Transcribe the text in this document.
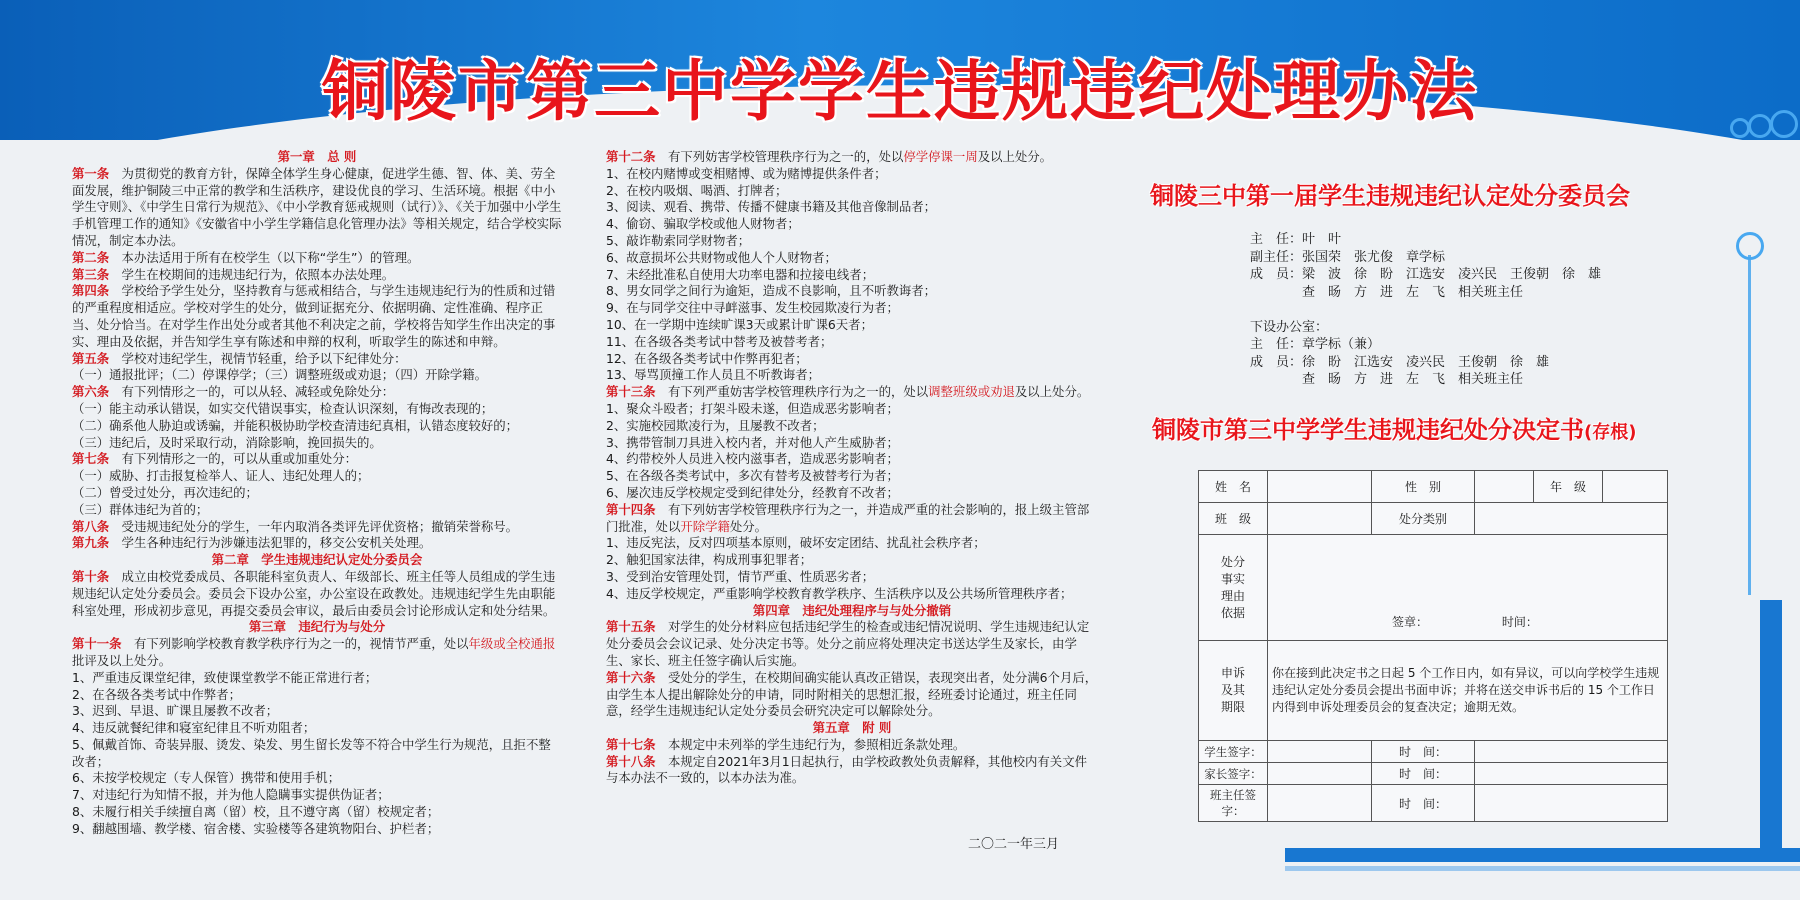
铜陵市第三中学学生违规违纪处理办法

第一章　总 则

第一条　为贯彻党的教育方针，保障全体学生身心健康，促进学生德、智、体、美、劳全面发展，维护铜陵三中正常的教学和生活秩序，建设优良的学习、生活环境。根据《中小学生守则》、《中学生日常行为规范》、《中小学教育惩戒规则（试行）》、《关于加强中小学生手机管理工作的通知》《安徽省中小学生学籍信息化管理办法》等相关规定，结合学校实际情况，制定本办法。

第二条　本办法适用于所有在校学生（以下称“学生”）的管理。

第三条　学生在校期间的违规违纪行为，依照本办法处理。

第四条　学校给予学生处分，坚持教育与惩戒相结合，与学生违规违纪行为的性质和过错的严重程度相适应。学校对学生的处分，做到证据充分、依据明确、定性准确、程序正当、处分恰当。在对学生作出处分或者其他不利决定之前，学校将告知学生作出决定的事实、理由及依据，并告知学生享有陈述和申辩的权利，听取学生的陈述和申辩。

第五条　学校对违纪学生，视情节轻重，给予以下纪律处分：

（一）通报批评；（二）停课停学；（三）调整班级或劝退；（四）开除学籍。

第六条　有下列情形之一的，可以从轻、减轻或免除处分：

（一）能主动承认错误，如实交代错误事实，检查认识深刻，有悔改表现的；

（二）确系他人胁迫或诱骗，并能积极协助学校查清违纪真相，认错态度较好的；

（三）违纪后，及时采取行动，消除影响，挽回损失的。

第七条　有下列情形之一的，可以从重或加重处分：

（一）威胁、打击报复检举人、证人、违纪处理人的；

（二）曾受过处分，再次违纪的；

（三）群体违纪为首的；

第八条　受违规违纪处分的学生，一年内取消各类评先评优资格；撤销荣誉称号。

第九条　学生各种违纪行为涉嫌违法犯罪的，移交公安机关处理。

第二章　学生违规违纪认定处分委员会

第十条　成立由校党委成员、各职能科室负责人、年级部长、班主任等人员组成的学生违规违纪认定处分委员会。委员会下设办公室，办公室设在政教处。违规违纪学生先由职能科室处理，形成初步意见，再提交委员会审议，最后由委员会讨论形成认定和处分结果。

第三章　违纪行为与处分

第十一条　有下列影响学校教育教学秩序行为之一的，视情节严重，处以年级或全校通报批评及以上处分。

1、严重违反课堂纪律，致使课堂教学不能正常进行者；

2、在各级各类考试中作弊者；

3、迟到、早退、旷课且屡教不改者；

4、违反就餐纪律和寝室纪律且不听劝阻者；

5、佩戴首饰、奇装异服、烫发、染发、男生留长发等不符合中学生行为规范，且拒不整改者；

6、未按学校规定（专人保管）携带和使用手机；

7、对违纪行为知情不报，并为他人隐瞒事实提供伪证者；

8、未履行相关手续擅自离（留）校，且不遵守离（留）校规定者；

9、翻越围墙、教学楼、宿舍楼、实验楼等各建筑物阳台、护栏者；

第十二条　有下列妨害学校管理秩序行为之一的，处以停学停课一周及以上处分。

1、在校内赌博或变相赌博、或为赌博提供条件者；

2、在校内吸烟、喝酒、打牌者；

3、阅读、观看、携带、传播不健康书籍及其他音像制品者；

4、偷窃、骗取学校或他人财物者；

5、敲诈勒索同学财物者；

6、故意损坏公共财物或他人个人财物者；

7、未经批准私自使用大功率电器和拉接电线者；

8、男女同学之间行为逾矩，造成不良影响，且不听教诲者；

9、在与同学交往中寻衅滋事、发生校园欺凌行为者；

10、在一学期中连续旷课3天或累计旷课6天者；

11、在各级各类考试中替考及被替考者；

12、在各级各类考试中作弊再犯者；

13、辱骂顶撞工作人员且不听教诲者；

第十三条　有下列严重妨害学校管理秩序行为之一的，处以调整班级或劝退及以上处分。

1、聚众斗殴者；打架斗殴未遂，但造成恶劣影响者；

2、实施校园欺凌行为，且屡教不改者；

3、携带管制刀具进入校内者，并对他人产生威胁者；

4、约带校外人员进入校内滋事者，造成恶劣影响者；

5、在各级各类考试中，多次有替考及被替考行为者；

6、屡次违反学校规定受到纪律处分，经教育不改者；

第十四条　有下列妨害学校管理秩序行为之一，并造成严重的社会影响的，报上级主管部门批准，处以开除学籍处分。

1、违反宪法，反对四项基本原则，破坏安定团结、扰乱社会秩序者；

2、触犯国家法律，构成刑事犯罪者；

3、受到治安管理处罚，情节严重、性质恶劣者；

4、违反学校规定，严重影响学校教育教学秩序、生活秩序以及公共场所管理秩序者；

第四章　违纪处理程序与与处分撤销

第十五条　对学生的处分材料应包括违纪学生的检查或违纪情况说明、学生违规违纪认定处分委员会会议记录、处分决定书等。处分之前应将处理决定书送达学生及家长，由学生、家长、班主任签字确认后实施。

第十六条　受处分的学生，在校期间确实能认真改正错误，表现突出者，处分满6个月后，由学生本人提出解除处分的申请，同时附相关的思想汇报，经班委讨论通过，班主任同意，经学生违规违纪认定处分委员会研究决定可以解除处分。

第五章　附 则

第十七条　本规定中未列举的学生违纪行为，参照相近条款处理。

第十八条　本规定自2021年3月1日起执行，由学校政教处负责解释，其他校内有关文件与本办法不一致的，以本办法为准。

二〇二一年三月
铜陵三中第一届学生违规违纪认定处分委员会

主　任：叶　叶

副主任：张国荣　张尤俊　章学标

成　员：梁　波　徐　盼　江选安　凌兴民　王俊朝　徐　雄

　　　　查　旸　方　进　左　飞　相关班主任

下设办公室：

主　任：章学标（兼）

成　员：徐　盼　江选安　凌兴民　王俊朝　徐　雄

　　　　查　旸　方　进　左　飞　相关班主任

铜陵市第三中学学生违规违纪处分决定书(存根)
姓　名		性　别		年　级	
班　级		处分类别			
处分
事实
理由
依据	签章： 时间：				
申诉
及其
期限	你在接到此决定书之日起 5 个工作日内，如有异议，可以向学校学生违规违纪认定处分委员会提出书面申诉；并将在送交申诉书后的 15 个工作日内得到申诉处理委员会的复查决定；逾期无效。				
学生签字：		时　间：			
家长签字：		时　间：			
班主任签字：		时　间：			
